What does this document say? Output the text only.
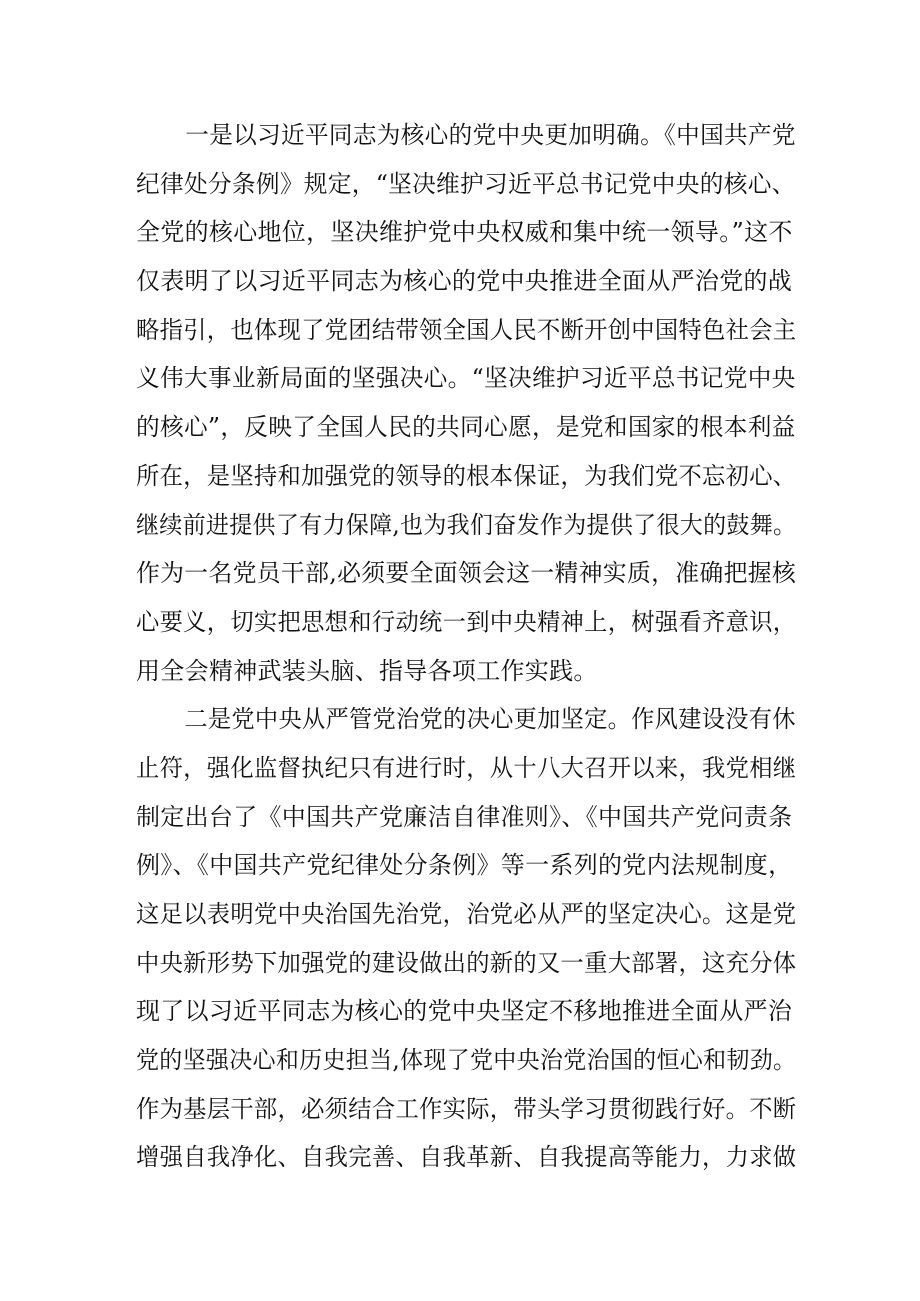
一是以习近平同志为核心的党中央更加明确。《中国共产党
纪律处分条例》规定，“坚决维护习近平总书记党中央的核心、
全党的核心地位，坚决维护党中央权威和集中统一领导。”这不
仅表明了以习近平同志为核心的党中央推进全面从严治党的战
略指引，也体现了党团结带领全国人民不断开创中国特色社会主
义伟大事业新局面的坚强决心。“坚决维护习近平总书记党中央
的核心”，反映了全国人民的共同心愿，是党和国家的根本利益
所在，是坚持和加强党的领导的根本保证，为我们党不忘初心、
继续前进提供了有力保障,也为我们奋发作为提供了很大的鼓舞。
作为一名党员干部,必须要全面领会这一精神实质，准确把握核
心要义，切实把思想和行动统一到中央精神上，树强看齐意识，
用全会精神武装头脑、指导各项工作实践。
二是党中央从严管党治党的决心更加坚定。作风建设没有休
止符，强化监督执纪只有进行时，从十八大召开以来，我党相继
制定出台了《中国共产党廉洁自律准则》、《中国共产党问责条
例》、《中国共产党纪律处分条例》等一系列的党内法规制度，
这足以表明党中央治国先治党，治党必从严的坚定决心。这是党
中央新形势下加强党的建设做出的新的又一重大部署，这充分体
现了以习近平同志为核心的党中央坚定不移地推进全面从严治
党的坚强决心和历史担当,体现了党中央治党治国的恒心和韧劲。
作为基层干部，必须结合工作实际，带头学习贯彻践行好。不断
增强自我净化、自我完善、自我革新、自我提高等能力，力求做
